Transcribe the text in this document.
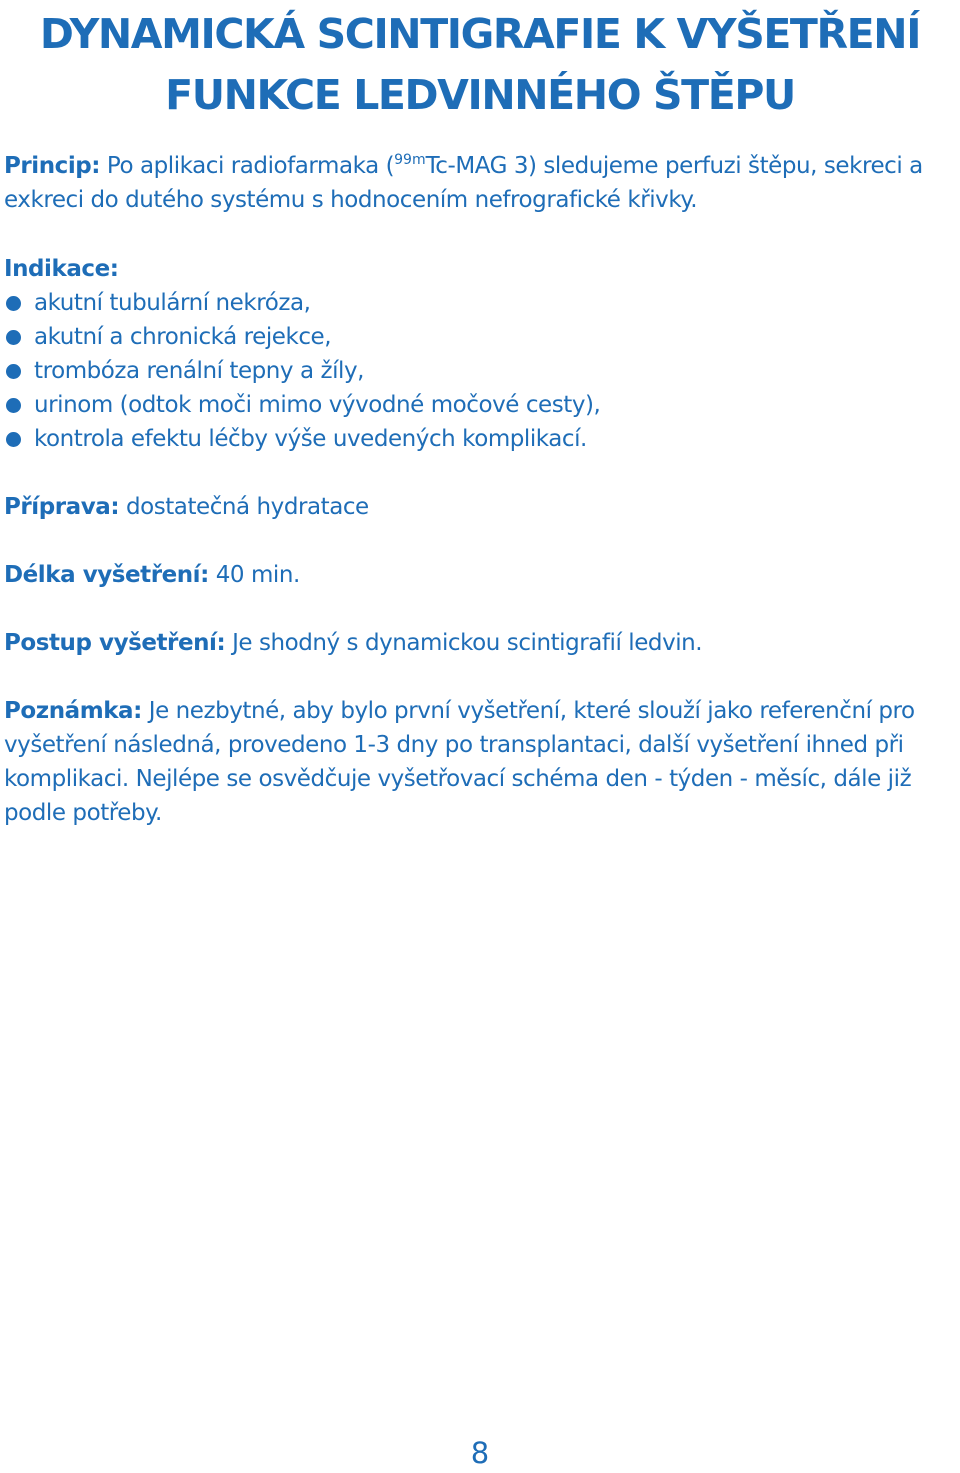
DYNAMICKÁ SCINTIGRAFIE K VYŠETŘENÍ
FUNKCE LEDVINNÉHO ŠTĚPU
Princip: Po aplikaci radiofarmaka ($^{99m}$Tc-MAG 3) sledujeme perfuzi štěpu, sekreci a exkreci do dutého systému s hodnocením nefrografické křivky.
Indikace:
akutní tubulární nekróza,
akutní a chronická rejekce,
trombóza renální tepny a žíly,
urinom (odtok moči mimo vývodné močové cesty),
kontrola efektu léčby výše uvedených komplikací.
Příprava: dostatečná hydratace
Délka vyšetření: 40 min.
Postup vyšetření: Je shodný s dynamickou scintigrafií ledvin.
Poznámka: Je nezbytné, aby bylo první vyšetření, které slouží jako referenční pro vyšetření následná, provedeno 1-3 dny po transplantaci, další vyšetření ihned při komplikaci. Nejlépe se osvědčuje vyšetřovací schéma den - týden - měsíc, dále již podle potřeby.
8
